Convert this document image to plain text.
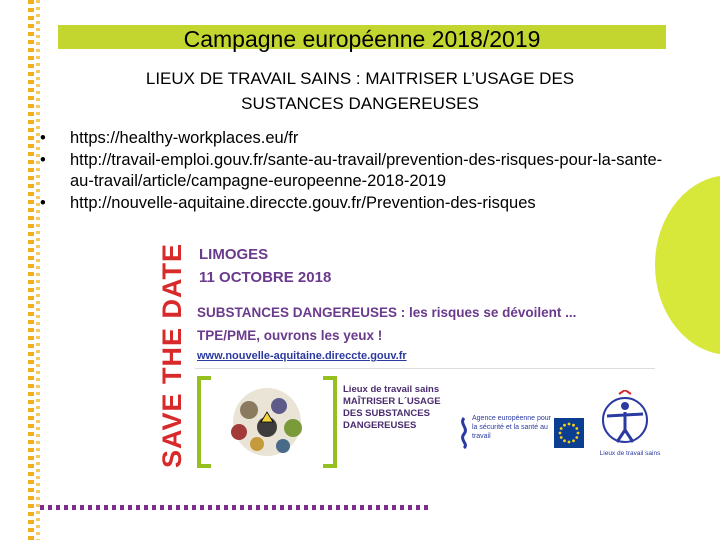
Campagne européenne 2018/2019
LIEUX DE TRAVAIL SAINS : MAITRISER L’USAGE DES
SUSTANCES DANGEREUSES
• https://healthy-workplaces.eu/fr
• http://travail-emploi.gouv.fr/sante-au-travail/prevention-des-risques-pour-la-sante-au-travail/article/campagne-europeenne-2018-2019
• http://nouvelle-aquitaine.direccte.gouv.fr/Prevention-des-risques
SAVE THE DATE LIMOGES
11 OCTOBRE 2018
SUBSTANCES DANGEREUSES : les risques se dévoilent ...
TPE/PME, ouvrons les yeux !
www.nouvelle-aquitaine.direccte.gouv.fr
Lieux de travail sains
MAÎTRISER L´USAGE
DES SUBSTANCES
DANGEREUSES
Agence européenne pour la sécurité et la santé au travail
Lieux de travail sains
